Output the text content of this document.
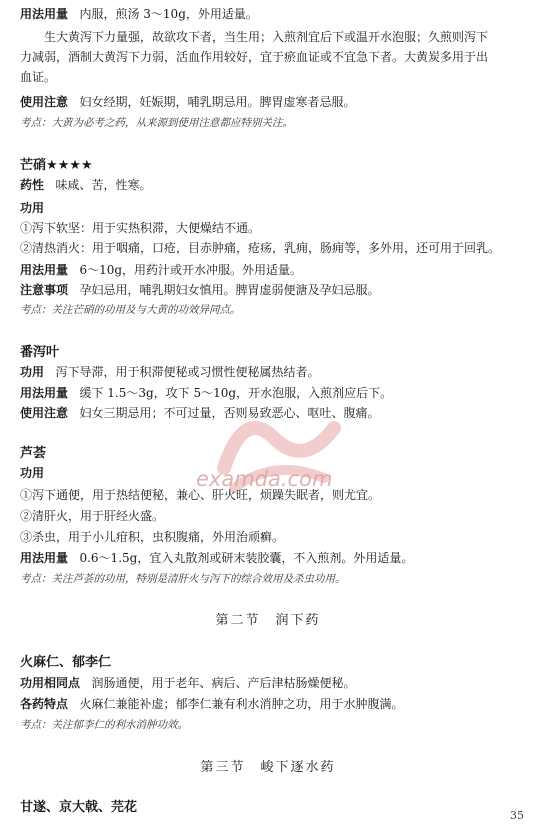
用法用量 内服，煎汤 3～10g，外用适量。
生大黄泻下力量强，故欲攻下者，当生用；入煎剂宜后下或温开水泡服；久煎则泻下
力减弱，酒制大黄泻下力弱，活血作用较好，宜于瘀血证或不宜急下者。大黄炭多用于出
血证。
使用注意 妇女经期，妊娠期，哺乳期忌用。脾胃虚寒者忌服。
考点：大黄为必考之药，从来源到使用注意都应特别关注。
芒硝★★★★
药性 味咸、苦，性寒。
功用
①泻下软坚：用于实热积滞，大便燥结不通。
②清热消火：用于咽痛，口疮，目赤肿痛，疮疡，乳痈，肠痈等，多外用，还可用于回乳。
用法用量 6～10g，用药汁或开水冲服。外用适量。
注意事项 孕妇忌用，哺乳期妇女慎用。脾胃虚弱便溏及孕妇忌服。
考点：关注芒硝的功用及与大黄的功效异同点。
番泻叶
功用 泻下导滞，用于积滞便秘或习惯性便秘属热结者。
用法用量 缓下 1.5～3g，攻下 5～10g，开水泡服，入煎剂应后下。
使用注意 妇女三期忌用；不可过量，否则易致恶心、呕吐、腹痛。
芦荟
功用
①泻下通便，用于热结便秘，兼心、肝火旺，烦躁失眠者，则尤宜。
②清肝火，用于肝经火盛。
③杀虫，用于小儿疳积，虫积腹痛，外用治顽癣。
用法用量 0.6～1.5g，宜入丸散剂或研末装胶囊，不入煎剂。外用适量。
考点：关注芦荟的功用，特别是清肝火与泻下的综合效用及杀虫功用。
第二节　润下药
火麻仁、郁李仁
功用相同点 润肠通便，用于老年、病后、产后津枯肠燥便秘。
各药特点 火麻仁兼能补虚；郁李仁兼有利水消肿之功，用于水肿腹满。
考点：关注郁李仁的利水消肿功效。
第三节　峻下逐水药
甘遂、京大戟、芫花
examda.com
35
